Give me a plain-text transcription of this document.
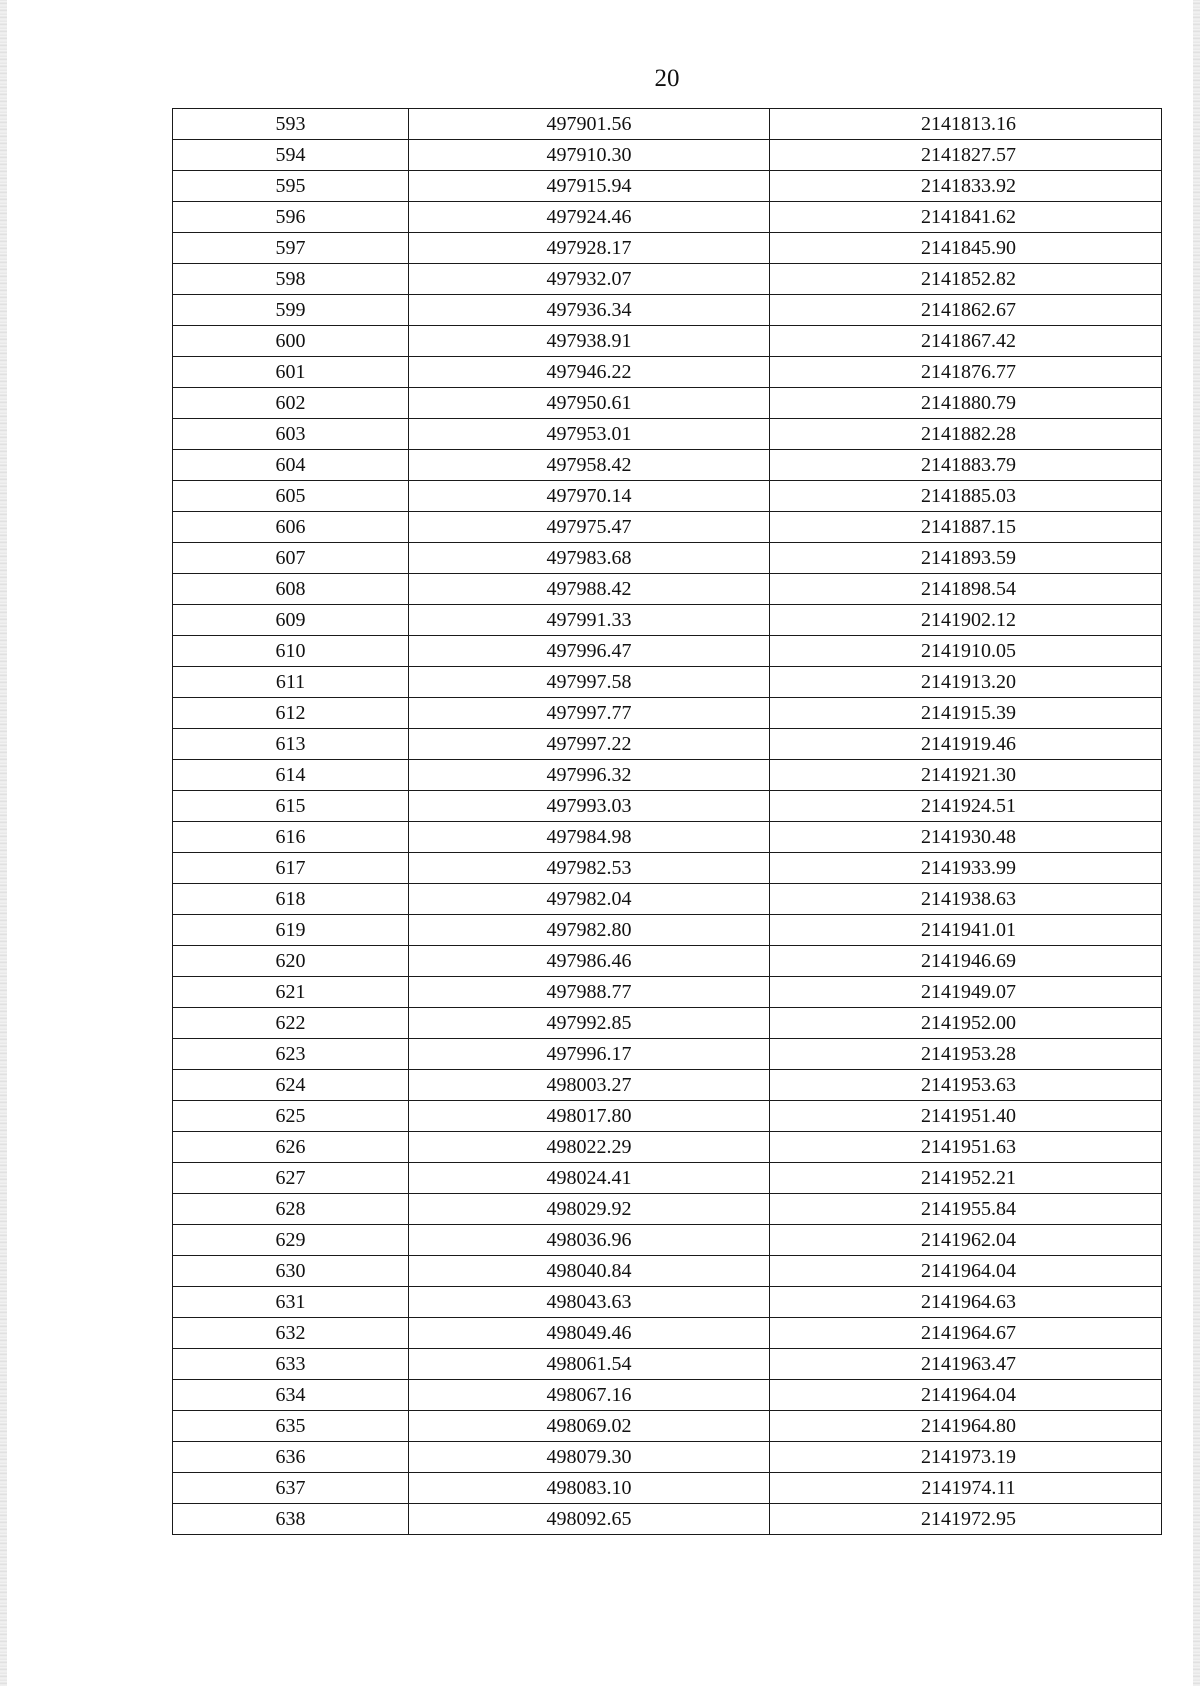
20
593	497901.56	2141813.16
594	497910.30	2141827.57
595	497915.94	2141833.92
596	497924.46	2141841.62
597	497928.17	2141845.90
598	497932.07	2141852.82
599	497936.34	2141862.67
600	497938.91	2141867.42
601	497946.22	2141876.77
602	497950.61	2141880.79
603	497953.01	2141882.28
604	497958.42	2141883.79
605	497970.14	2141885.03
606	497975.47	2141887.15
607	497983.68	2141893.59
608	497988.42	2141898.54
609	497991.33	2141902.12
610	497996.47	2141910.05
611	497997.58	2141913.20
612	497997.77	2141915.39
613	497997.22	2141919.46
614	497996.32	2141921.30
615	497993.03	2141924.51
616	497984.98	2141930.48
617	497982.53	2141933.99
618	497982.04	2141938.63
619	497982.80	2141941.01
620	497986.46	2141946.69
621	497988.77	2141949.07
622	497992.85	2141952.00
623	497996.17	2141953.28
624	498003.27	2141953.63
625	498017.80	2141951.40
626	498022.29	2141951.63
627	498024.41	2141952.21
628	498029.92	2141955.84
629	498036.96	2141962.04
630	498040.84	2141964.04
631	498043.63	2141964.63
632	498049.46	2141964.67
633	498061.54	2141963.47
634	498067.16	2141964.04
635	498069.02	2141964.80
636	498079.30	2141973.19
637	498083.10	2141974.11
638	498092.65	2141972.95
